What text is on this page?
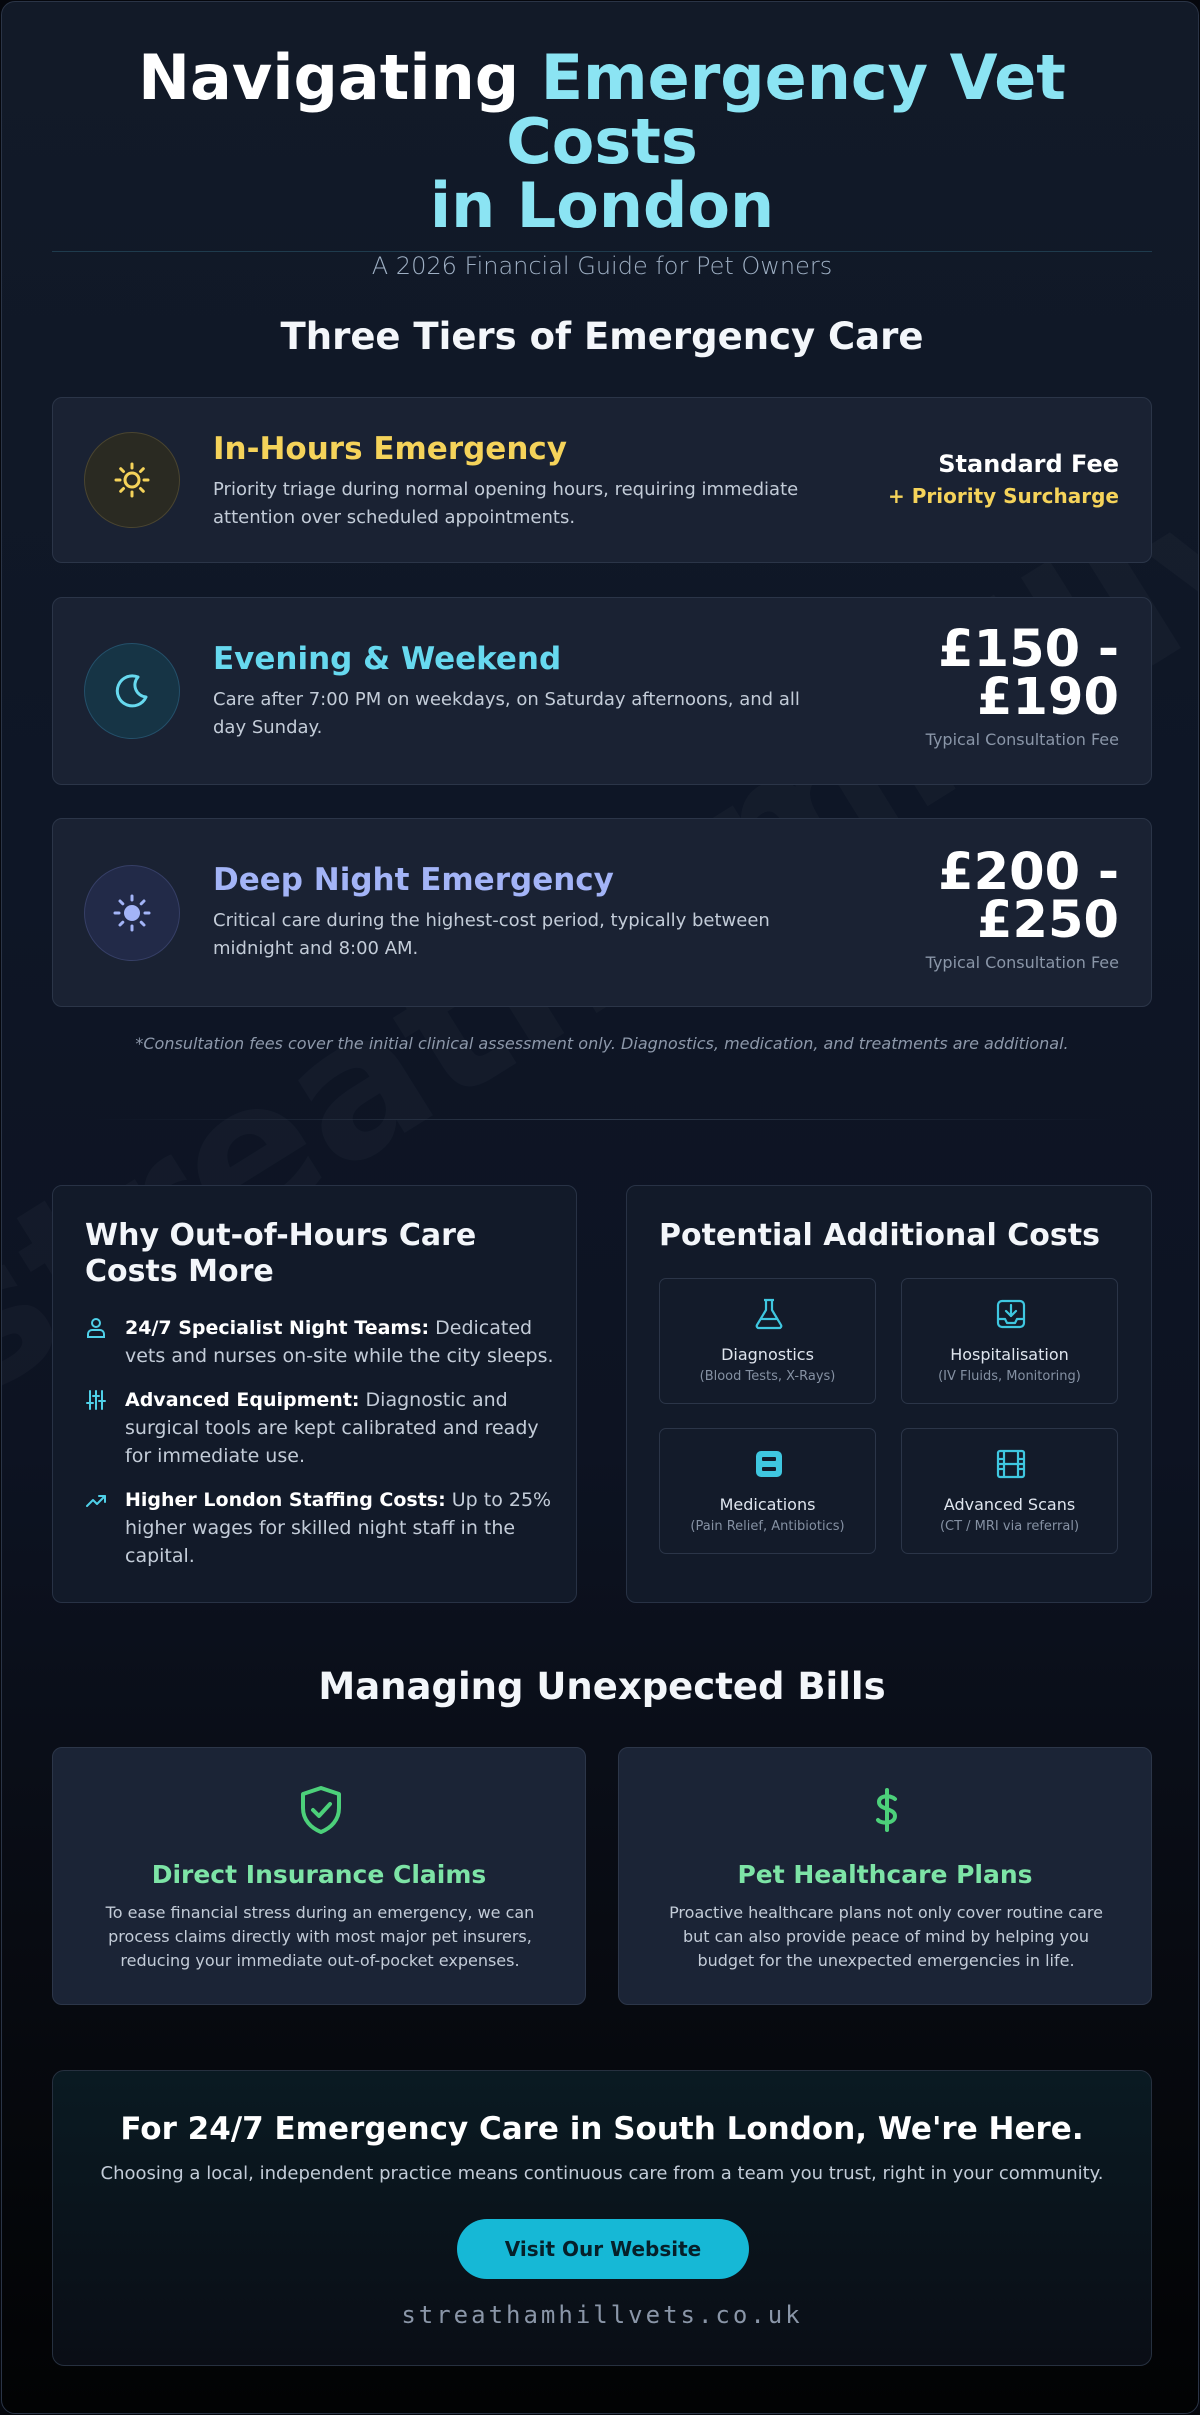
Navigating Emergency Vet Costs
in London
A 2026 Financial Guide for Pet Owners
Three Tiers of Emergency Care
In-Hours Emergency
Priority triage during normal opening hours, requiring immediate attention over scheduled appointments.
Standard Fee
+ Priority Surcharge
Evening & Weekend
Care after 7:00 PM on weekdays, on Saturday afternoons, and all day Sunday.
£150 -
£190
Typical Consultation Fee
Deep Night Emergency
Critical care during the highest-cost period, typically between midnight and 8:00 AM.
£200 -
£250
Typical Consultation Fee
*Consultation fees cover the initial clinical assessment only. Diagnostics, medication, and treatments are additional.
Why Out-of-Hours Care Costs More
24/7 Specialist Night Teams: Dedicated vets and nurses on-site while the city sleeps.
Advanced Equipment: Diagnostic and surgical tools are kept calibrated and ready for immediate use.
Higher London Staffing Costs: Up to 25% higher wages for skilled night staff in the capital.
Potential Additional Costs
Diagnostics
(Blood Tests, X-Rays)
Hospitalisation
(IV Fluids, Monitoring)
Medications
(Pain Relief, Antibiotics)
Advanced Scans
(CT / MRI via referral)
Managing Unexpected Bills
Direct Insurance Claims
To ease financial stress during an emergency, we can process claims directly with most major pet insurers, reducing your immediate out-of-pocket expenses.
Pet Healthcare Plans
Proactive healthcare plans not only cover routine care but can also provide peace of mind by helping you budget for the unexpected emergencies in life.
For 24/7 Emergency Care in South London, We're Here.
Choosing a local, independent practice means continuous care from a team you trust, right in your community.
Visit Our Website
streathamhillvets.co.uk
